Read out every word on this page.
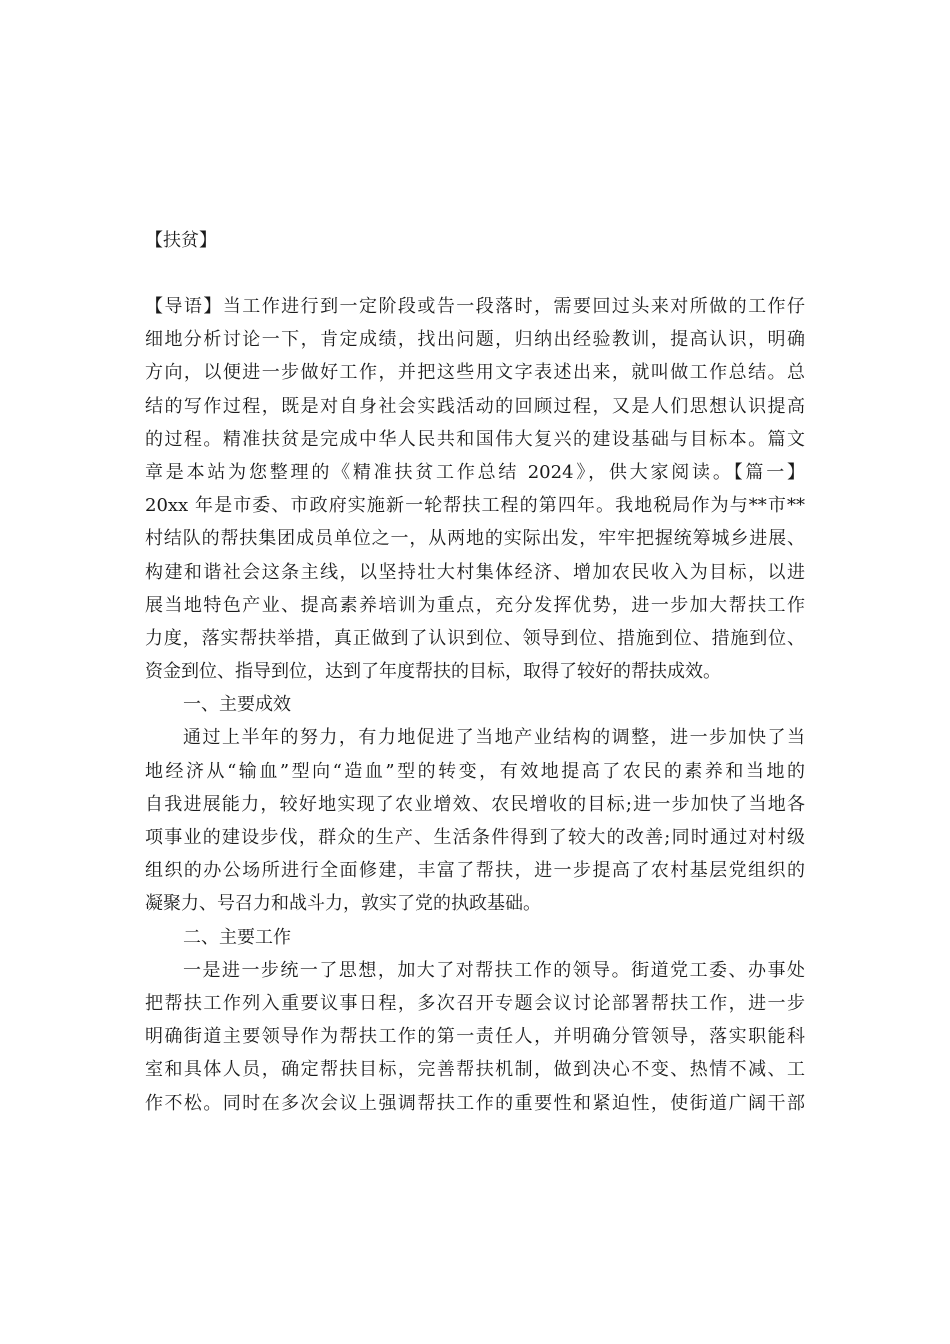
【扶贫】
【导语】当工作进行到一定阶段或告一段落时，需要回过头来对所做的工作仔
细地分析讨论一下，肯定成绩，找出问题，归纳出经验教训，提高认识，明确
方向，以便进一步做好工作，并把这些用文字表述出来，就叫做工作总结。总
结的写作过程，既是对自身社会实践活动的回顾过程，又是人们思想认识提高
的过程。精准扶贫是完成中华人民共和国伟大复兴的建设基础与目标本。篇文
章是本站为您整理的《精准扶贫工作总结 2024》，供大家阅读。【篇一】
20xx 年是市委、市政府实施新一轮帮扶工程的第四年。我地税局作为与**市**
村结队的帮扶集团成员单位之一，从两地的实际出发，牢牢把握统筹城乡进展、
构建和谐社会这条主线，以坚持壮大村集体经济、增加农民收入为目标，以进
展当地特色产业、提高素养培训为重点，充分发挥优势，进一步加大帮扶工作
力度，落实帮扶举措，真正做到了认识到位、领导到位、措施到位、措施到位、
资金到位、指导到位，达到了年度帮扶的目标，取得了较好的帮扶成效。
一、主要成效
通过上半年的努力，有力地促进了当地产业结构的调整，进一步加快了当
地经济从“输血”型向“造血”型的转变，有效地提高了农民的素养和当地的
自我进展能力，较好地实现了农业增效、农民增收的目标;进一步加快了当地各
项事业的建设步伐，群众的生产、生活条件得到了较大的改善;同时通过对村级
组织的办公场所进行全面修建，丰富了帮扶，进一步提高了农村基层党组织的
凝聚力、号召力和战斗力，敦实了党的执政基础。
二、主要工作
一是进一步统一了思想，加大了对帮扶工作的领导。街道党工委、办事处
把帮扶工作列入重要议事日程，多次召开专题会议讨论部署帮扶工作，进一步
明确街道主要领导作为帮扶工作的第一责任人，并明确分管领导，落实职能科
室和具体人员，确定帮扶目标，完善帮扶机制，做到决心不变、热情不减、工
作不松。同时在多次会议上强调帮扶工作的重要性和紧迫性，使街道广阔干部
